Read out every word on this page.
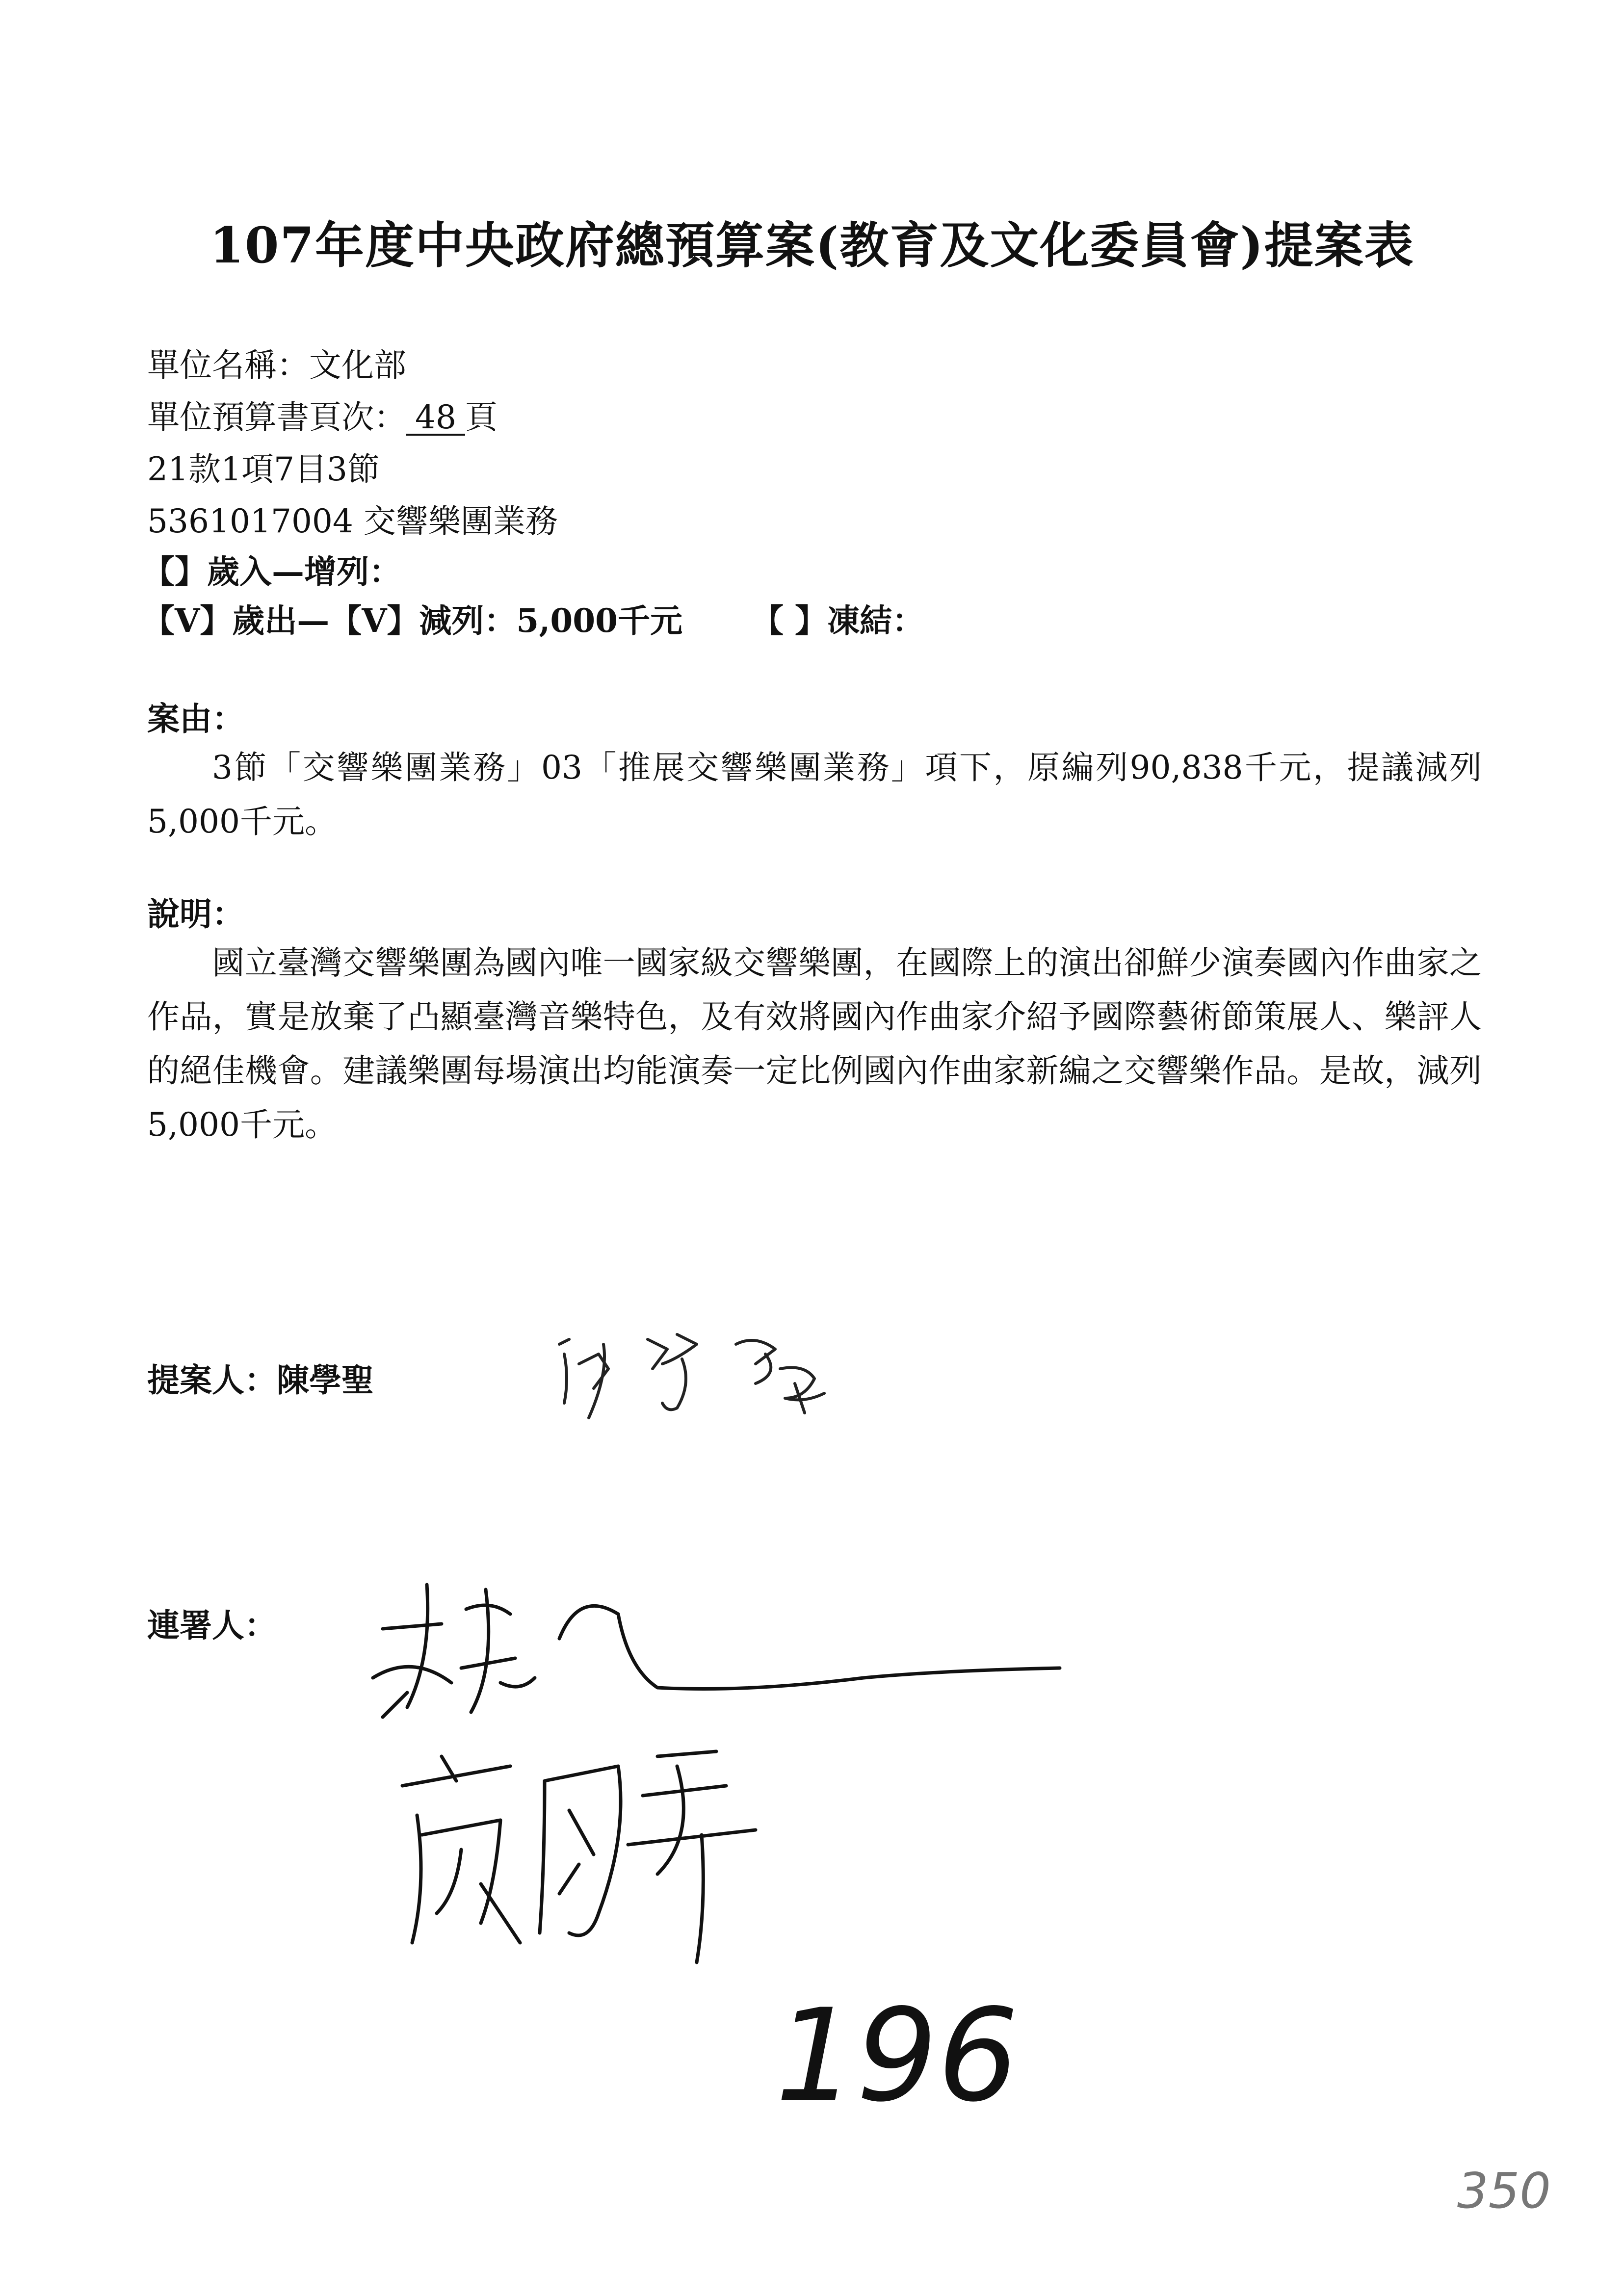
107年度中央政府總預算案(教育及文化委員會)提案表
單位名稱：文化部
單位預算書頁次： 48 頁
21款1項7目3節
5361017004 交響樂團業務
【】歲入—增列：
【V】歲出—【V】減列：5,000千元 【 】凍結：
案由：
3節「交響樂團業務」03「推展交響樂團業務」項下，原編列90,838千元，提議減列5,000千元。
說明：
國立臺灣交響樂團為國內唯一國家級交響樂團，在國際上的演出卻鮮少演奏國內作曲家之作品，實是放棄了凸顯臺灣音樂特色，及有效將國內作曲家介紹予國際藝術節策展人、樂評人的絕佳機會。建議樂團每場演出均能演奏一定比例國內作曲家新編之交響樂作品。是故，減列5,000千元。
提案人：陳學聖
連署人：
196
350
